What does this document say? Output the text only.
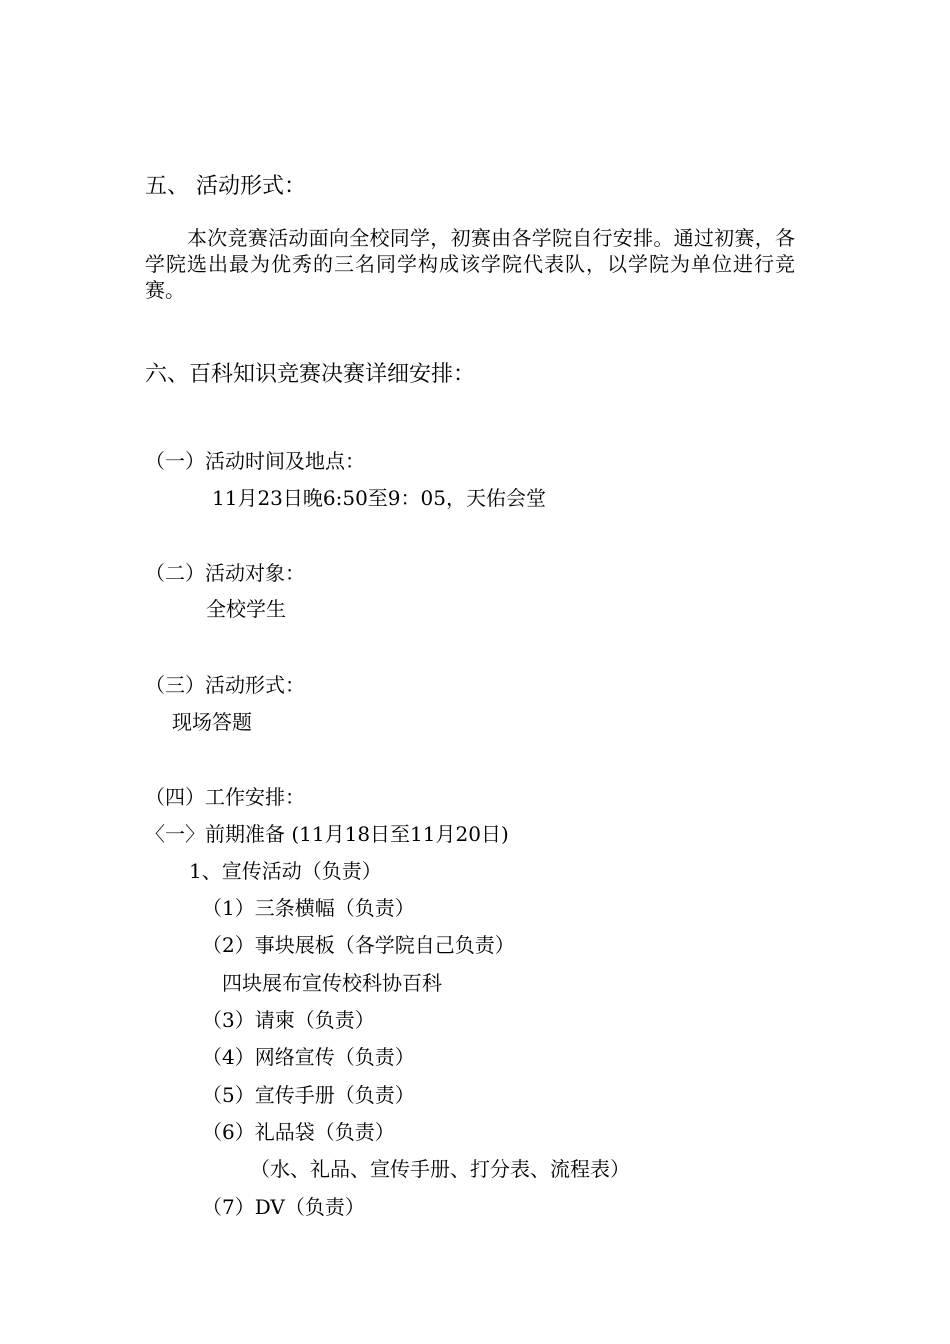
五、 活动形式：
本次竞赛活动面向全校同学，初赛由各学院自行安排。通过初赛，各学院选出最为优秀的三名同学构成该学院代表队，以学院为单位进行竞赛。
六、百科知识竞赛决赛详细安排：
（一）活动时间及地点：
11月23日晚6:50至9：05，天佑会堂
（二）活动对象：
全校学生
（三）活动形式：
现场答题
（四）工作安排：
〈一〉前期准备 (11月18日至11月20日)
1、宣传活动（负责）
（1）三条横幅（负责）
（2）事块展板（各学院自己负责）
四块展布宣传校科协百科
（3）请柬（负责）
（4）网络宣传（负责）
（5）宣传手册（负责）
（6）礼品袋（负责）
（水、礼品、宣传手册、打分表、流程表）
（7）DV（负责）
